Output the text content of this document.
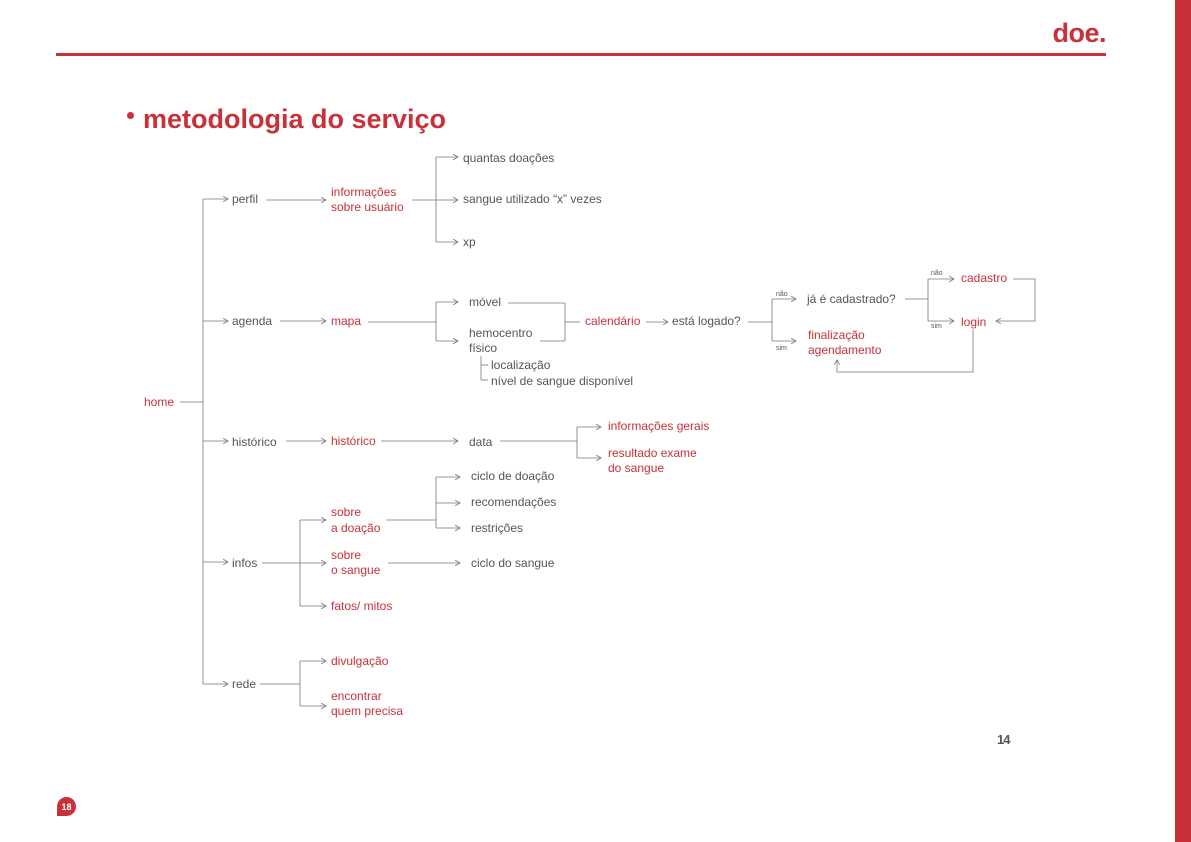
doe.
metodologia do serviço
home
perfil
agenda
histórico
infos
rede
informações
sobre usuário
quantas doações
sangue utilizado “x” vezes
xp
mapa
móvel
hemocentro
físico
localização
nível de sangue disponível
calendário	está logado?
não
sim
já é cadastrado?
não
sim
cadastro
login
finalização
agendamento
histórico	data
informações gerais
resultado exame
do sangue
sobre
a doação
ciclo de doação
recomendações
restrições
sobre
o sangue	ciclo do sangue
fatos/ mitos
divulgação
encontrar
quem precisa
14
18
